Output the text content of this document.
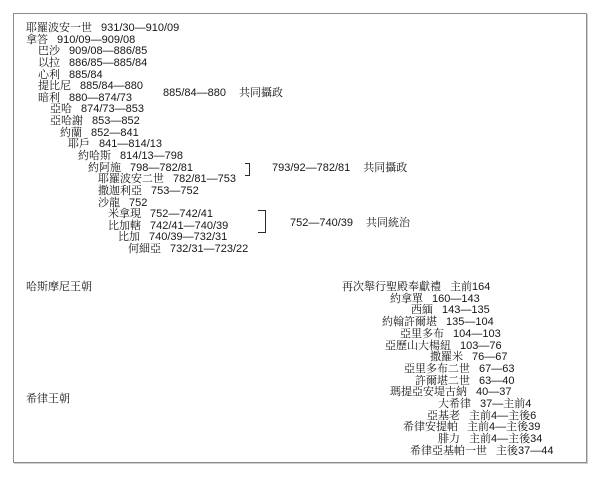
耶羅波安一世 931/30—910/09
拿答 910/09—909/08
巴沙 909/08—886/85
以拉 886/85—885/84
心利 885/84
提比尼 885/84—880
暗利 880—874/73
亞哈 874/73—853
亞哈謝 853—852
約蘭 852—841
耶戶 841—814/13
約哈斯 814/13—798
約阿施 798—782/81
耶羅波安二世 782/81—753
撒迦利亞 753—752
沙龍 752
米拿現 752—742/41
比加轄 742/41—740/39
比加 740/39—732/31
何細亞 732/31—723/22
885/84—880 共同攝政
793/92—782/81 共同攝政
752—740/39 共同統治
哈斯摩尼王朝
希律王朝
再次舉行聖殿奉獻禮 主前164
約拿單 160—143
西緬 143—135
約翰許爾堪 135—104
亞里多布 104—103
亞歷山大楊紐 103—76
撒羅米 76—67
亞里多布二世 67—63
許爾堪二世 63—40
瑪提亞安堤古納 40—37
大希律 37—主前4
亞基老 主前4—主後6
希律安提帕 主前4—主後39
腓力 主前4—主後34
希律亞基帕一世 主後37—44
